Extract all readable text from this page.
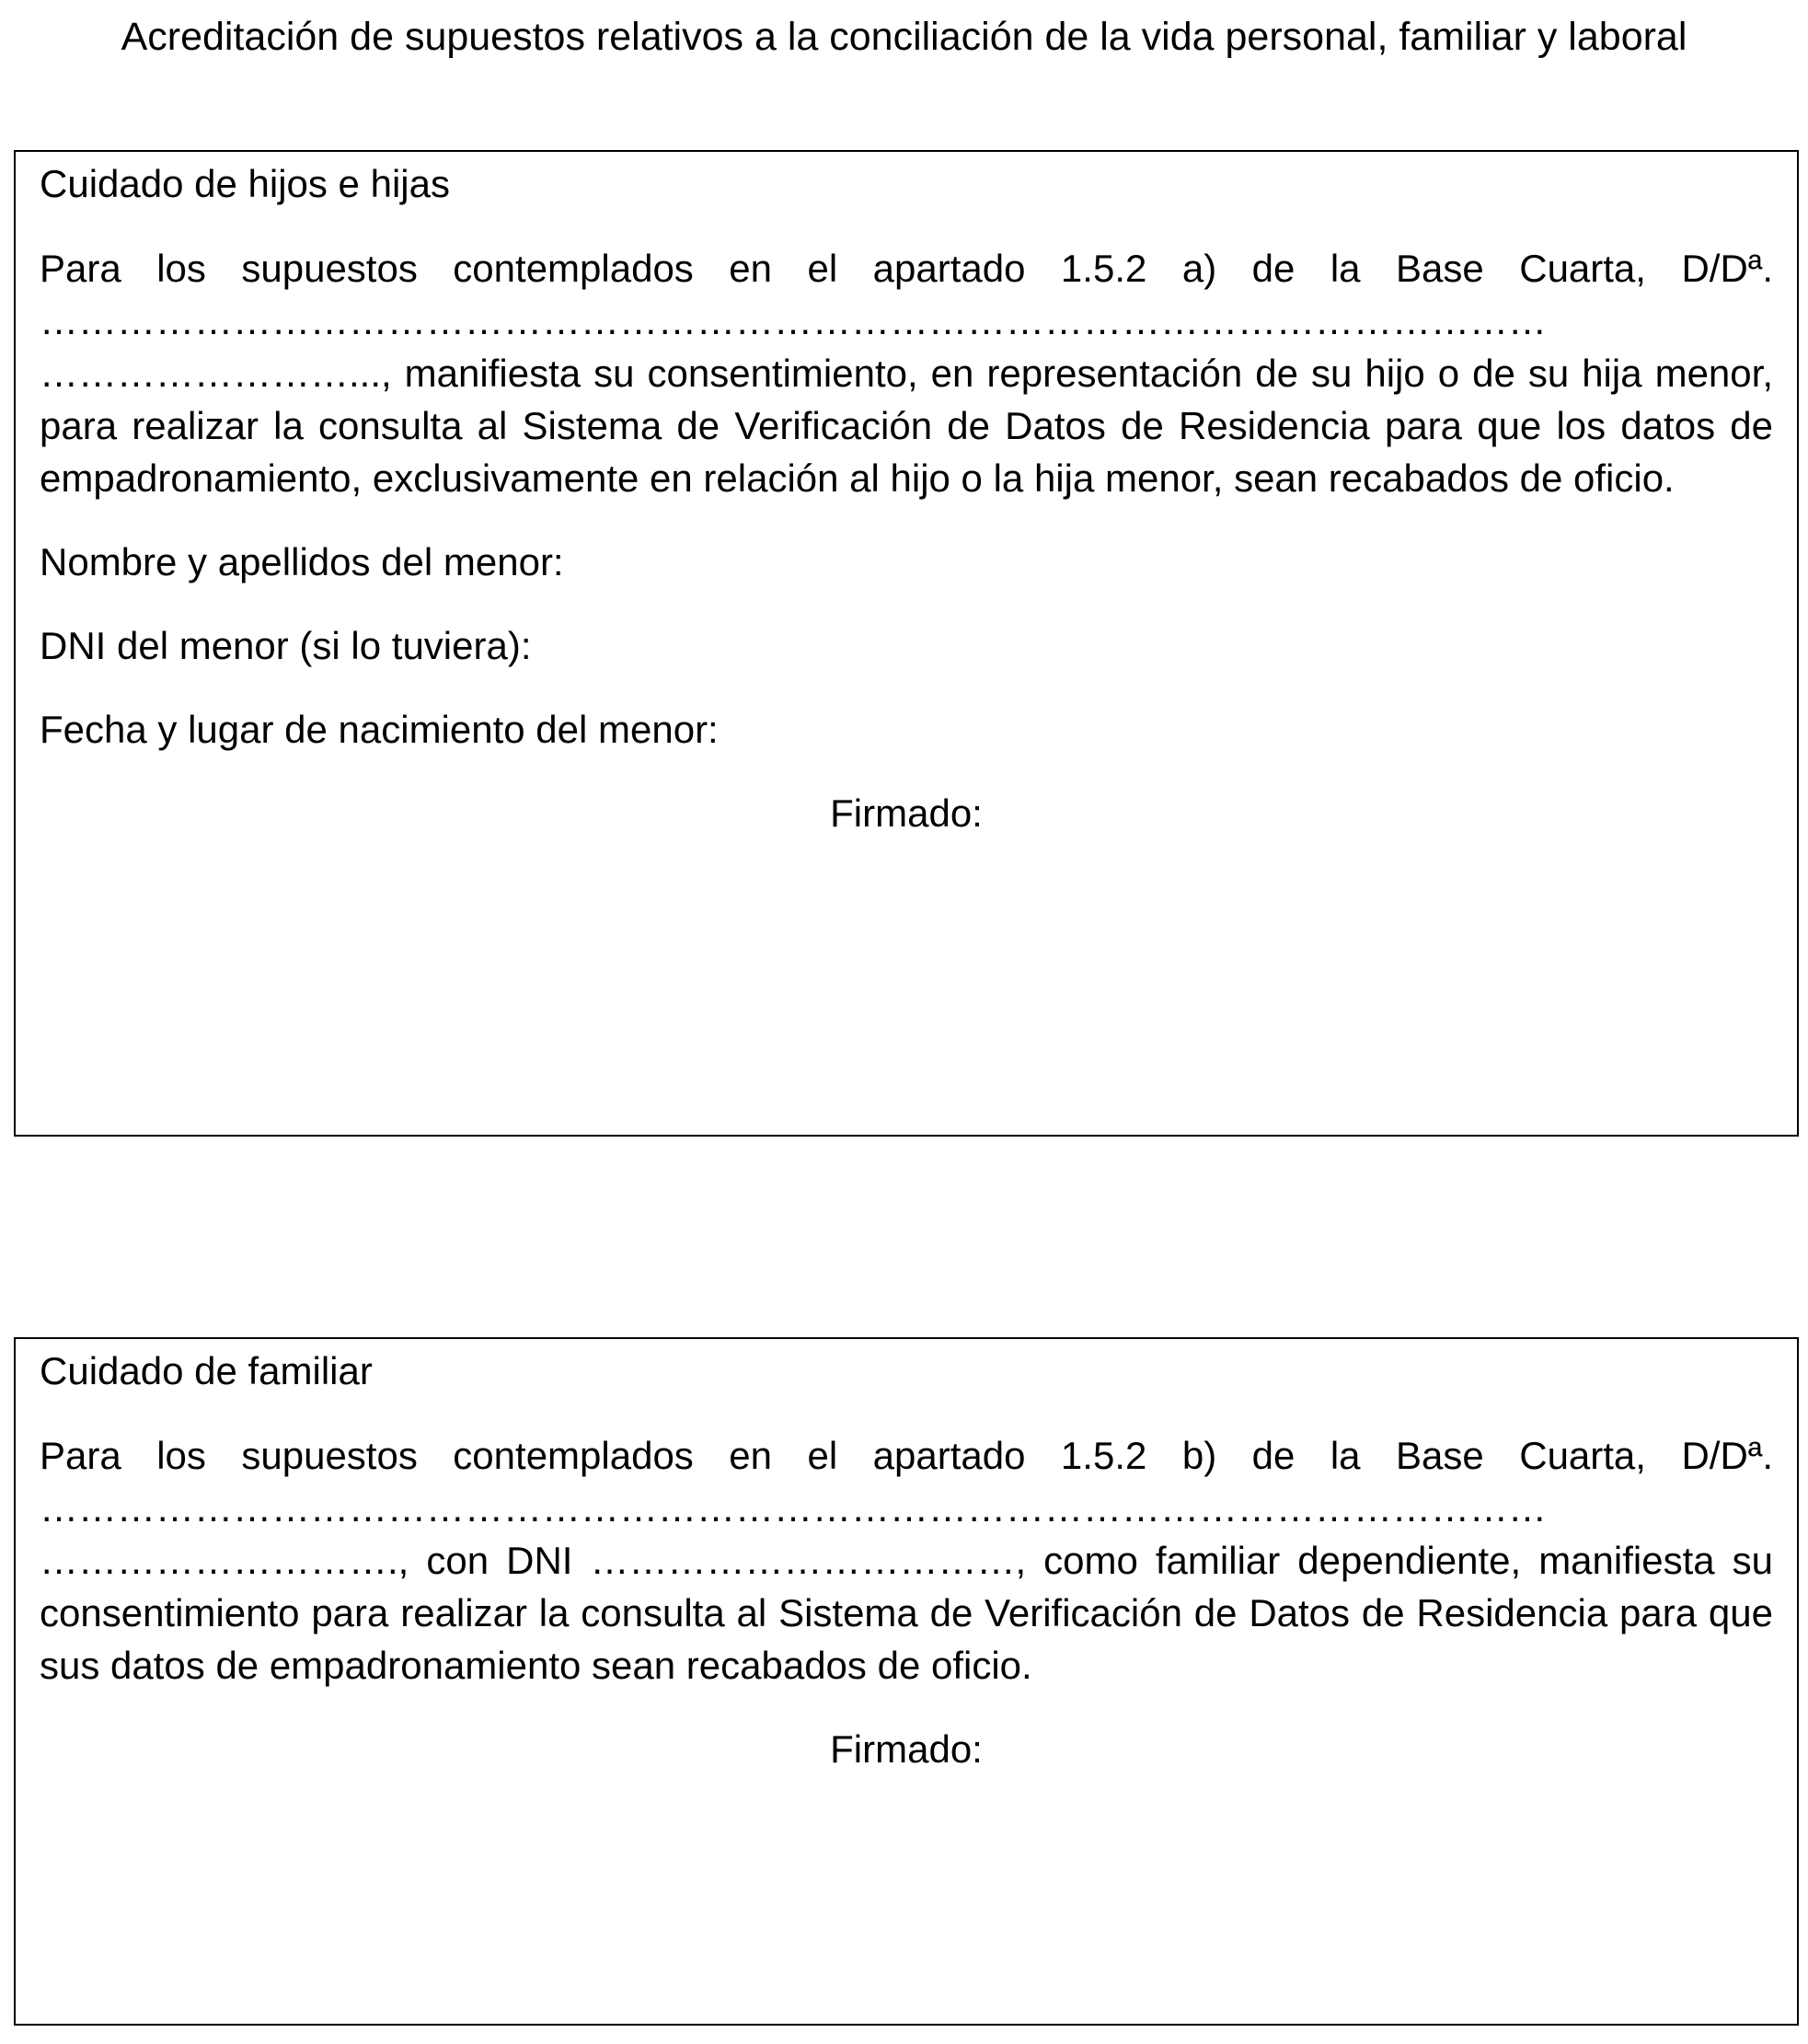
Acreditación de supuestos relativos a la conciliación de la vida personal, familiar y laboral
Cuidado de hijos e hijas

Para los supuestos contemplados en el apartado 1.5.2 a) de la Base Cuarta, D/Dª. ……………………………………………………………………………………………………… ……………………..., manifiesta su consentimiento, en representación de su hijo o de su hija menor, para realizar la consulta al Sistema de Verificación de Datos de Residencia para que los datos de empadronamiento, exclusivamente en relación al hijo o la hija menor, sean recabados de oficio.

Nombre y apellidos del menor:

DNI del menor (si lo tuviera):

Fecha y lugar de nacimiento del menor:

Firmado:

Cuidado de familiar

Para los supuestos contemplados en el apartado 1.5.2 b) de la Base Cuarta, D/Dª. ……………………………………………………………………………………………………… ………………………., con DNI ……………………………, como familiar dependiente, manifiesta su consentimiento para realizar la consulta al Sistema de Verificación de Datos de Residencia para que sus datos de empadronamiento sean recabados de oficio.

Firmado:
